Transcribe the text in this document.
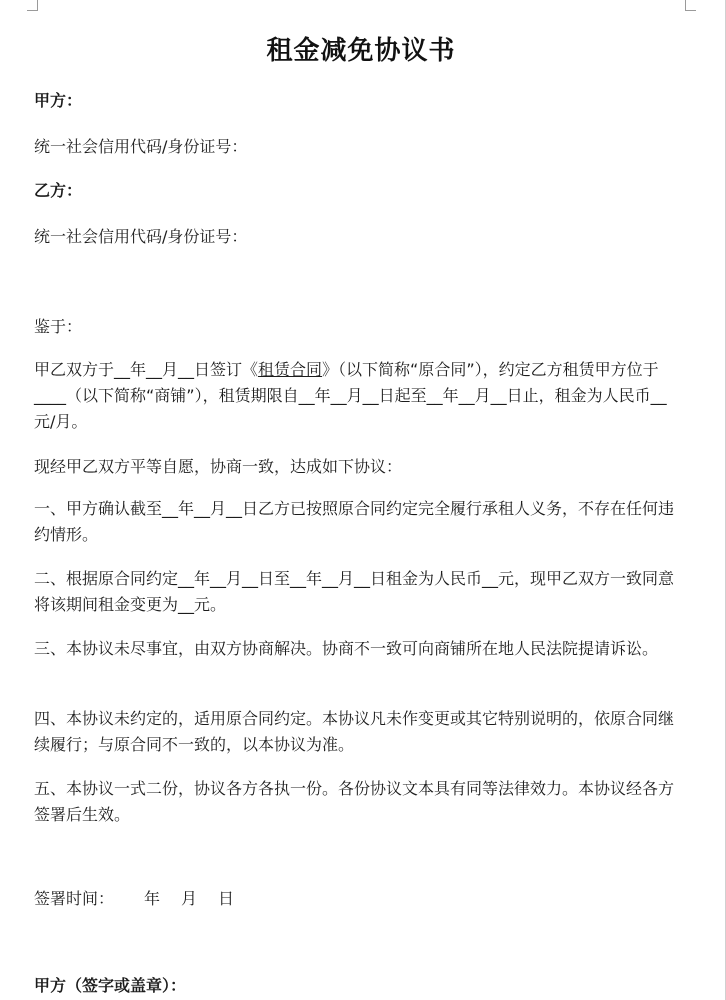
租金减免协议书
甲方：
统一社会信用代码/身份证号：
乙方：
统一社会信用代码/身份证号：
鉴于：
甲乙双方于__年__月__日签订《租赁合同》（以下简称“原合同”），约定乙方租赁甲方位于____（以下简称“商铺”），租赁期限自__年__月__日起至__年__月__日止，租金为人民币__元/月。
现经甲乙双方平等自愿，协商一致，达成如下协议：
一、甲方确认截至__年__月__日乙方已按照原合同约定完全履行承租人义务，不存在任何违约情形。
二、根据原合同约定__年__月__日至__年__月__日租金为人民币__元，现甲乙双方一致同意将该期间租金变更为__元。
三、本协议未尽事宜，由双方协商解决。协商不一致可向商铺所在地人民法院提请诉讼。
四、本协议未约定的，适用原合同约定。本协议凡未作变更或其它特别说明的，依原合同继续履行；与原合同不一致的，以本协议为准。
五、本协议一式二份，协议各方各执一份。各份协议文本具有同等法律效力。本协议经各方签署后生效。
签署时间： 年 月 日
甲方（签字或盖章）：
